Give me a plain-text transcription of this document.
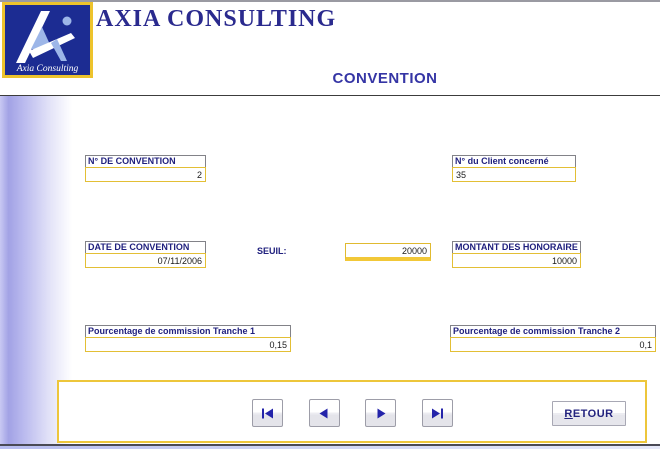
Axia Consulting
AXIA CONSULTING
CONVENTION
N° DE CONVENTION
2
N° du Client concerné
35
DATE DE CONVENTION
07/11/2006
SEUIL:	20000	MONTANT DES HONORAIRE
10000
Pourcentage de commission Tranche 1
0,15
Pourcentage de commission Tranche 2
0,1
RETOUR
